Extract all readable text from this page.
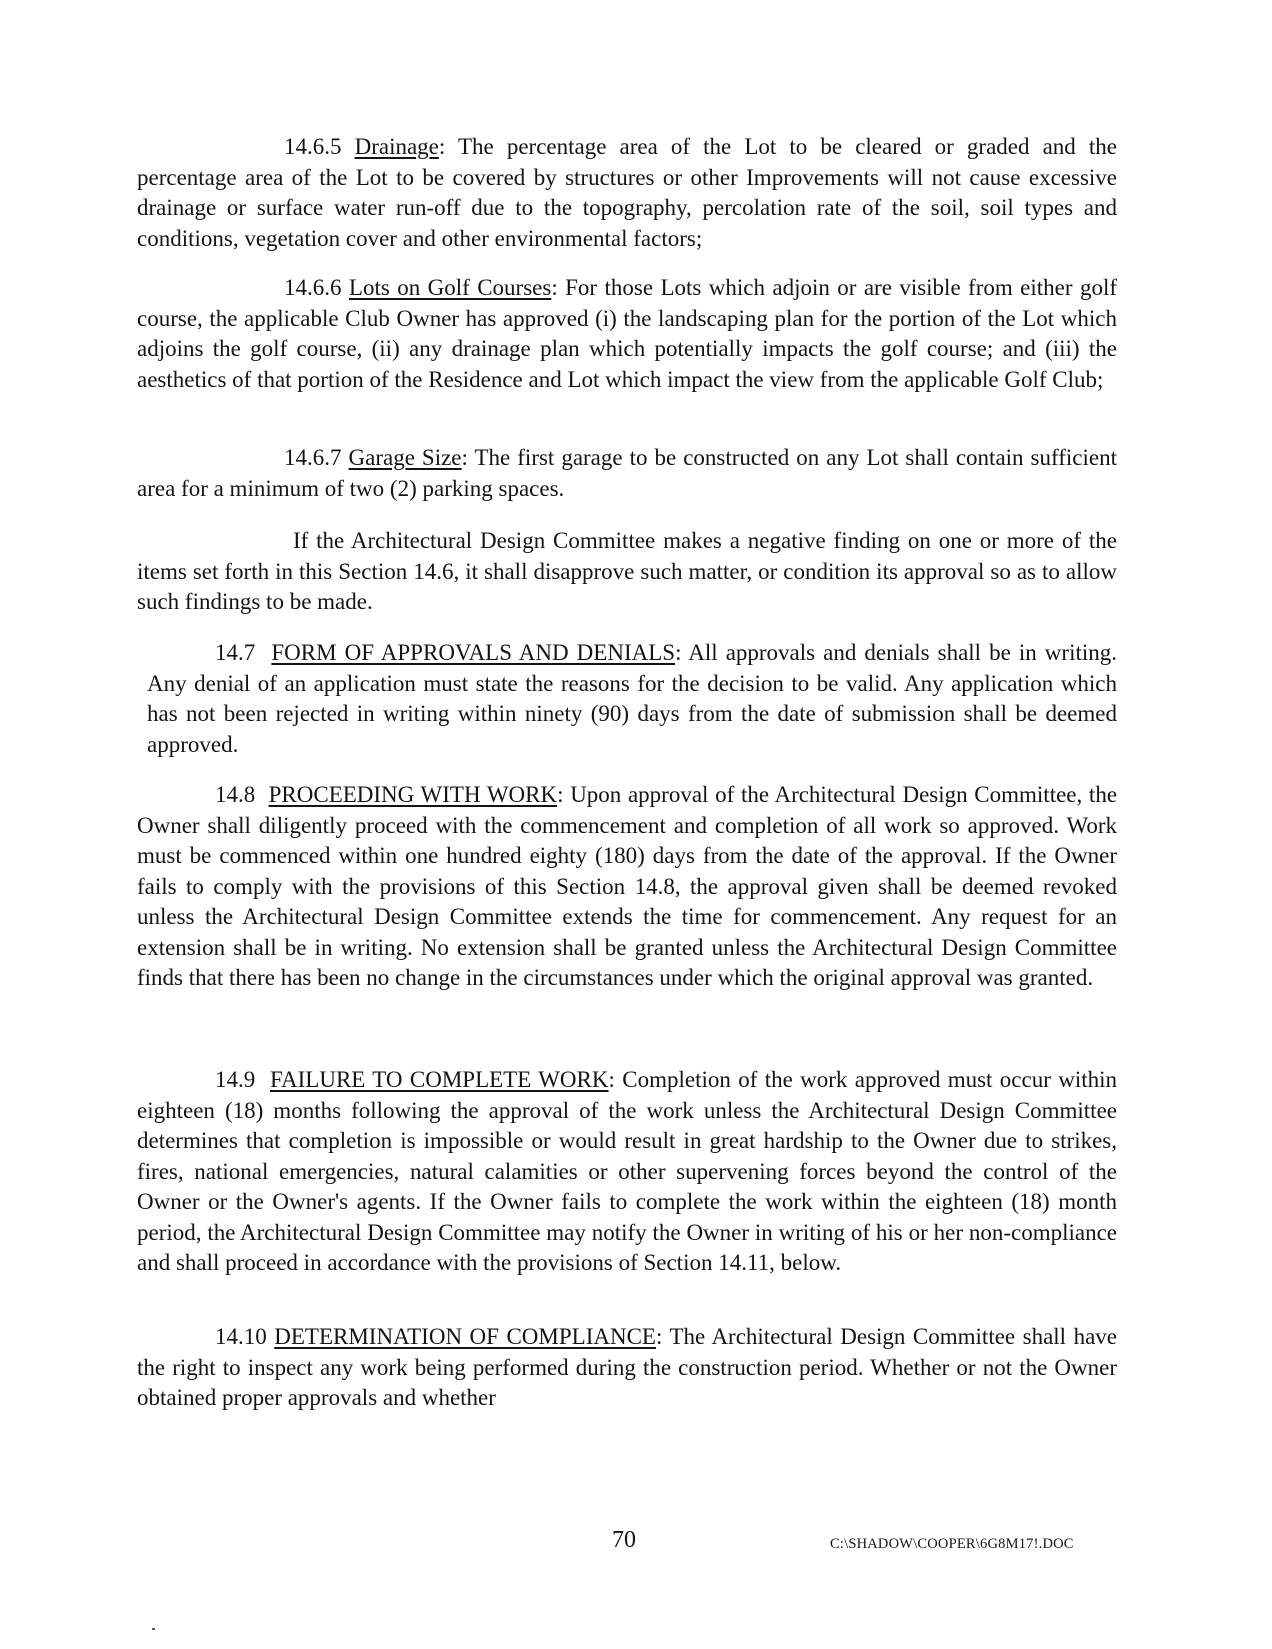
14.6.5 Drainage: The percentage area of the Lot to be cleared or graded and the percentage area of the Lot to be covered by structures or other Improvements will not cause excessive drainage or surface water run-off due to the topography, percolation rate of the soil, soil types and conditions, vegetation cover and other environmental factors;

14.6.6 Lots on Golf Courses: For those Lots which adjoin or are visible from either golf course, the applicable Club Owner has approved (i) the landscaping plan for the portion of the Lot which adjoins the golf course, (ii) any drainage plan which potentially impacts the golf course; and (iii) the aesthetics of that portion of the Residence and Lot which impact the view from the applicable Golf Club;

14.6.7 Garage Size: The first garage to be constructed on any Lot shall contain sufficient area for a minimum of two (2) parking spaces.

If the Architectural Design Committee makes a negative finding on one or more of the items set forth in this Section 14.6, it shall disapprove such matter, or condition its approval so as to allow such findings to be made.

14.7 FORM OF APPROVALS AND DENIALS: All approvals and denials shall be in writing. Any denial of an application must state the reasons for the decision to be valid. Any application which has not been rejected in writing within ninety (90) days from the date of submission shall be deemed approved.

14.8 PROCEEDING WITH WORK: Upon approval of the Architectural Design Committee, the Owner shall diligently proceed with the commencement and completion of all work so approved. Work must be commenced within one hundred eighty (180) days from the date of the approval. If the Owner fails to comply with the provisions of this Section 14.8, the approval given shall be deemed revoked unless the Architectural Design Committee extends the time for commencement. Any request for an extension shall be in writing. No extension shall be granted unless the Architectural Design Committee finds that there has been no change in the circumstances under which the original approval was granted.

14.9 FAILURE TO COMPLETE WORK: Completion of the work approved must occur within eighteen (18) months following the approval of the work unless the Architectural Design Committee determines that completion is impossible or would result in great hardship to the Owner due to strikes, fires, national emergencies, natural calamities or other supervening forces beyond the control of the Owner or the Owner's agents. If the Owner fails to complete the work within the eighteen (18) month period, the Architectural Design Committee may notify the Owner in writing of his or her non-compliance and shall proceed in accordance with the provisions of Section 14.11, below.

14.10 DETERMINATION OF COMPLIANCE: The Architectural Design Committee shall have the right to inspect any work being performed during the construction period. Whether or not the Owner obtained proper approvals and whether

70	C:\SHADOW\COOPER\6G8M17!.DOC
